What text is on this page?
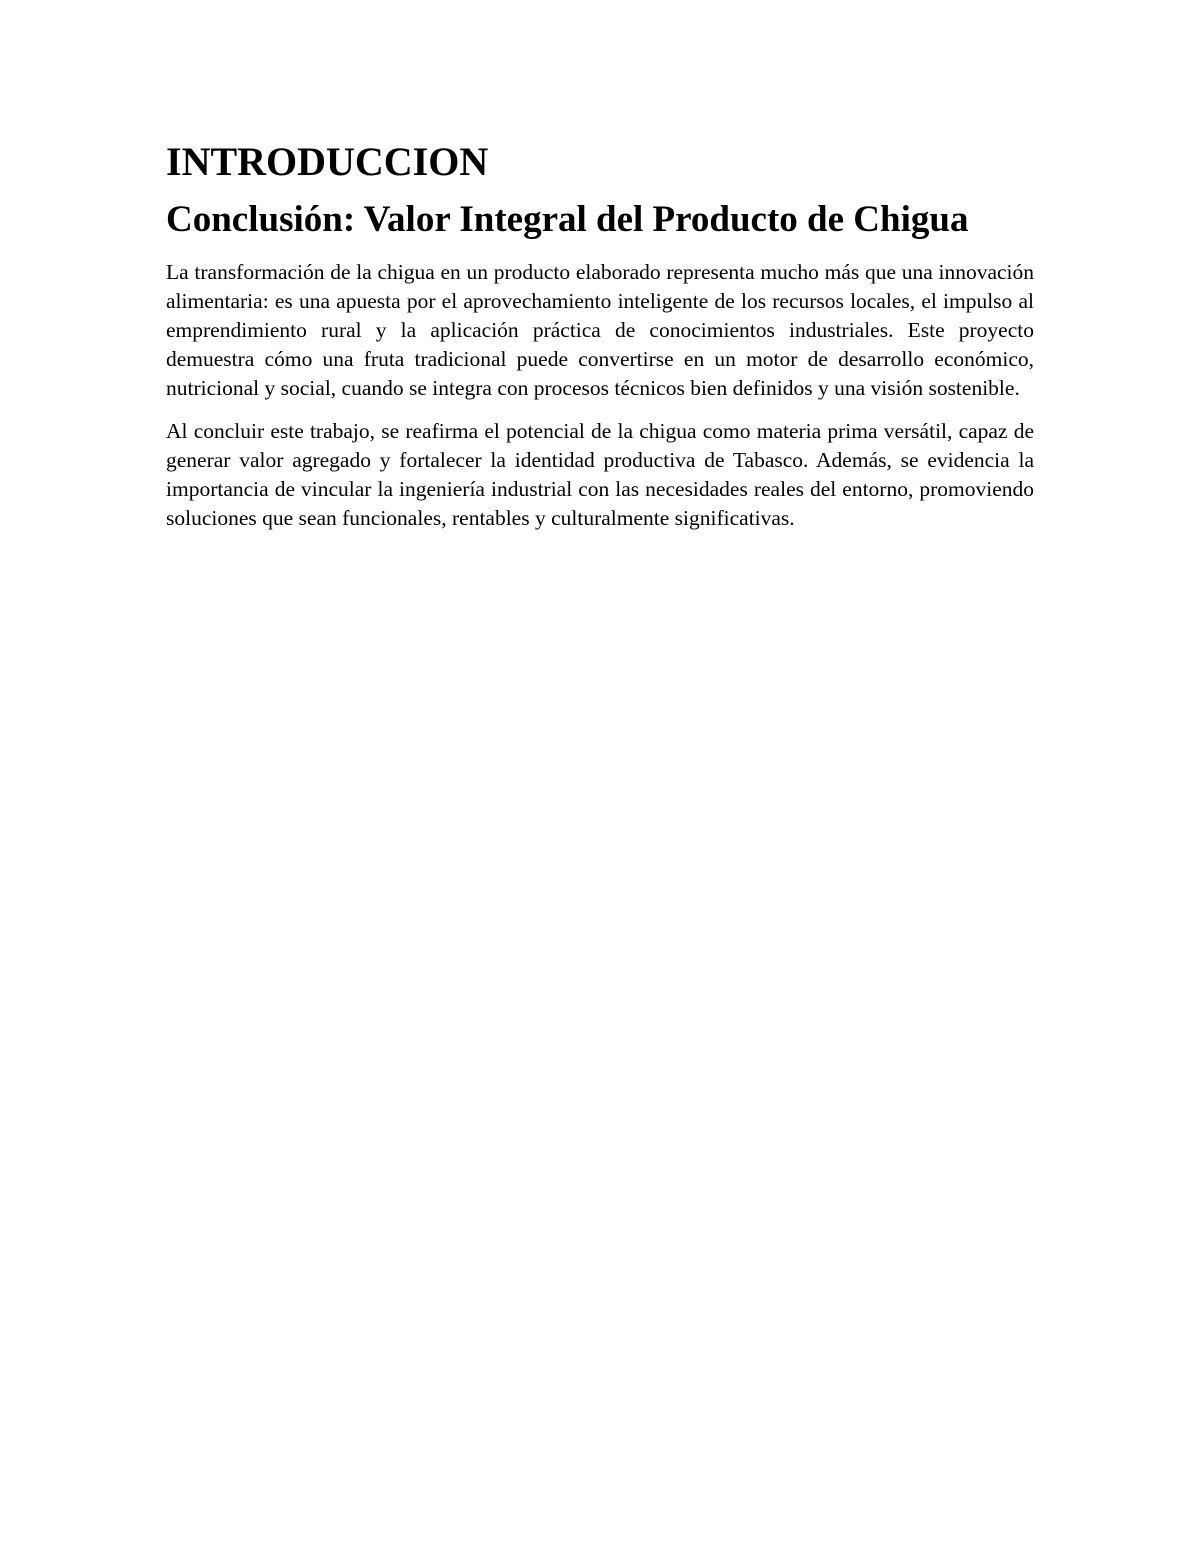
INTRODUCCION
Conclusión: Valor Integral del Producto de Chigua

La transformación de la chigua en un producto elaborado representa mucho más que una innovación alimentaria: es una apuesta por el aprovechamiento inteligente de los recursos locales, el impulso al emprendimiento rural y la aplicación práctica de conocimientos industriales. Este proyecto demuestra cómo una fruta tradicional puede convertirse en un motor de desarrollo económico, nutricional y social, cuando se integra con procesos técnicos bien definidos y una visión sostenible.

Al concluir este trabajo, se reafirma el potencial de la chigua como materia prima versátil, capaz de generar valor agregado y fortalecer la identidad productiva de Tabasco. Además, se evidencia la importancia de vincular la ingeniería industrial con las necesidades reales del entorno, promoviendo soluciones que sean funcionales, rentables y culturalmente significativas.
